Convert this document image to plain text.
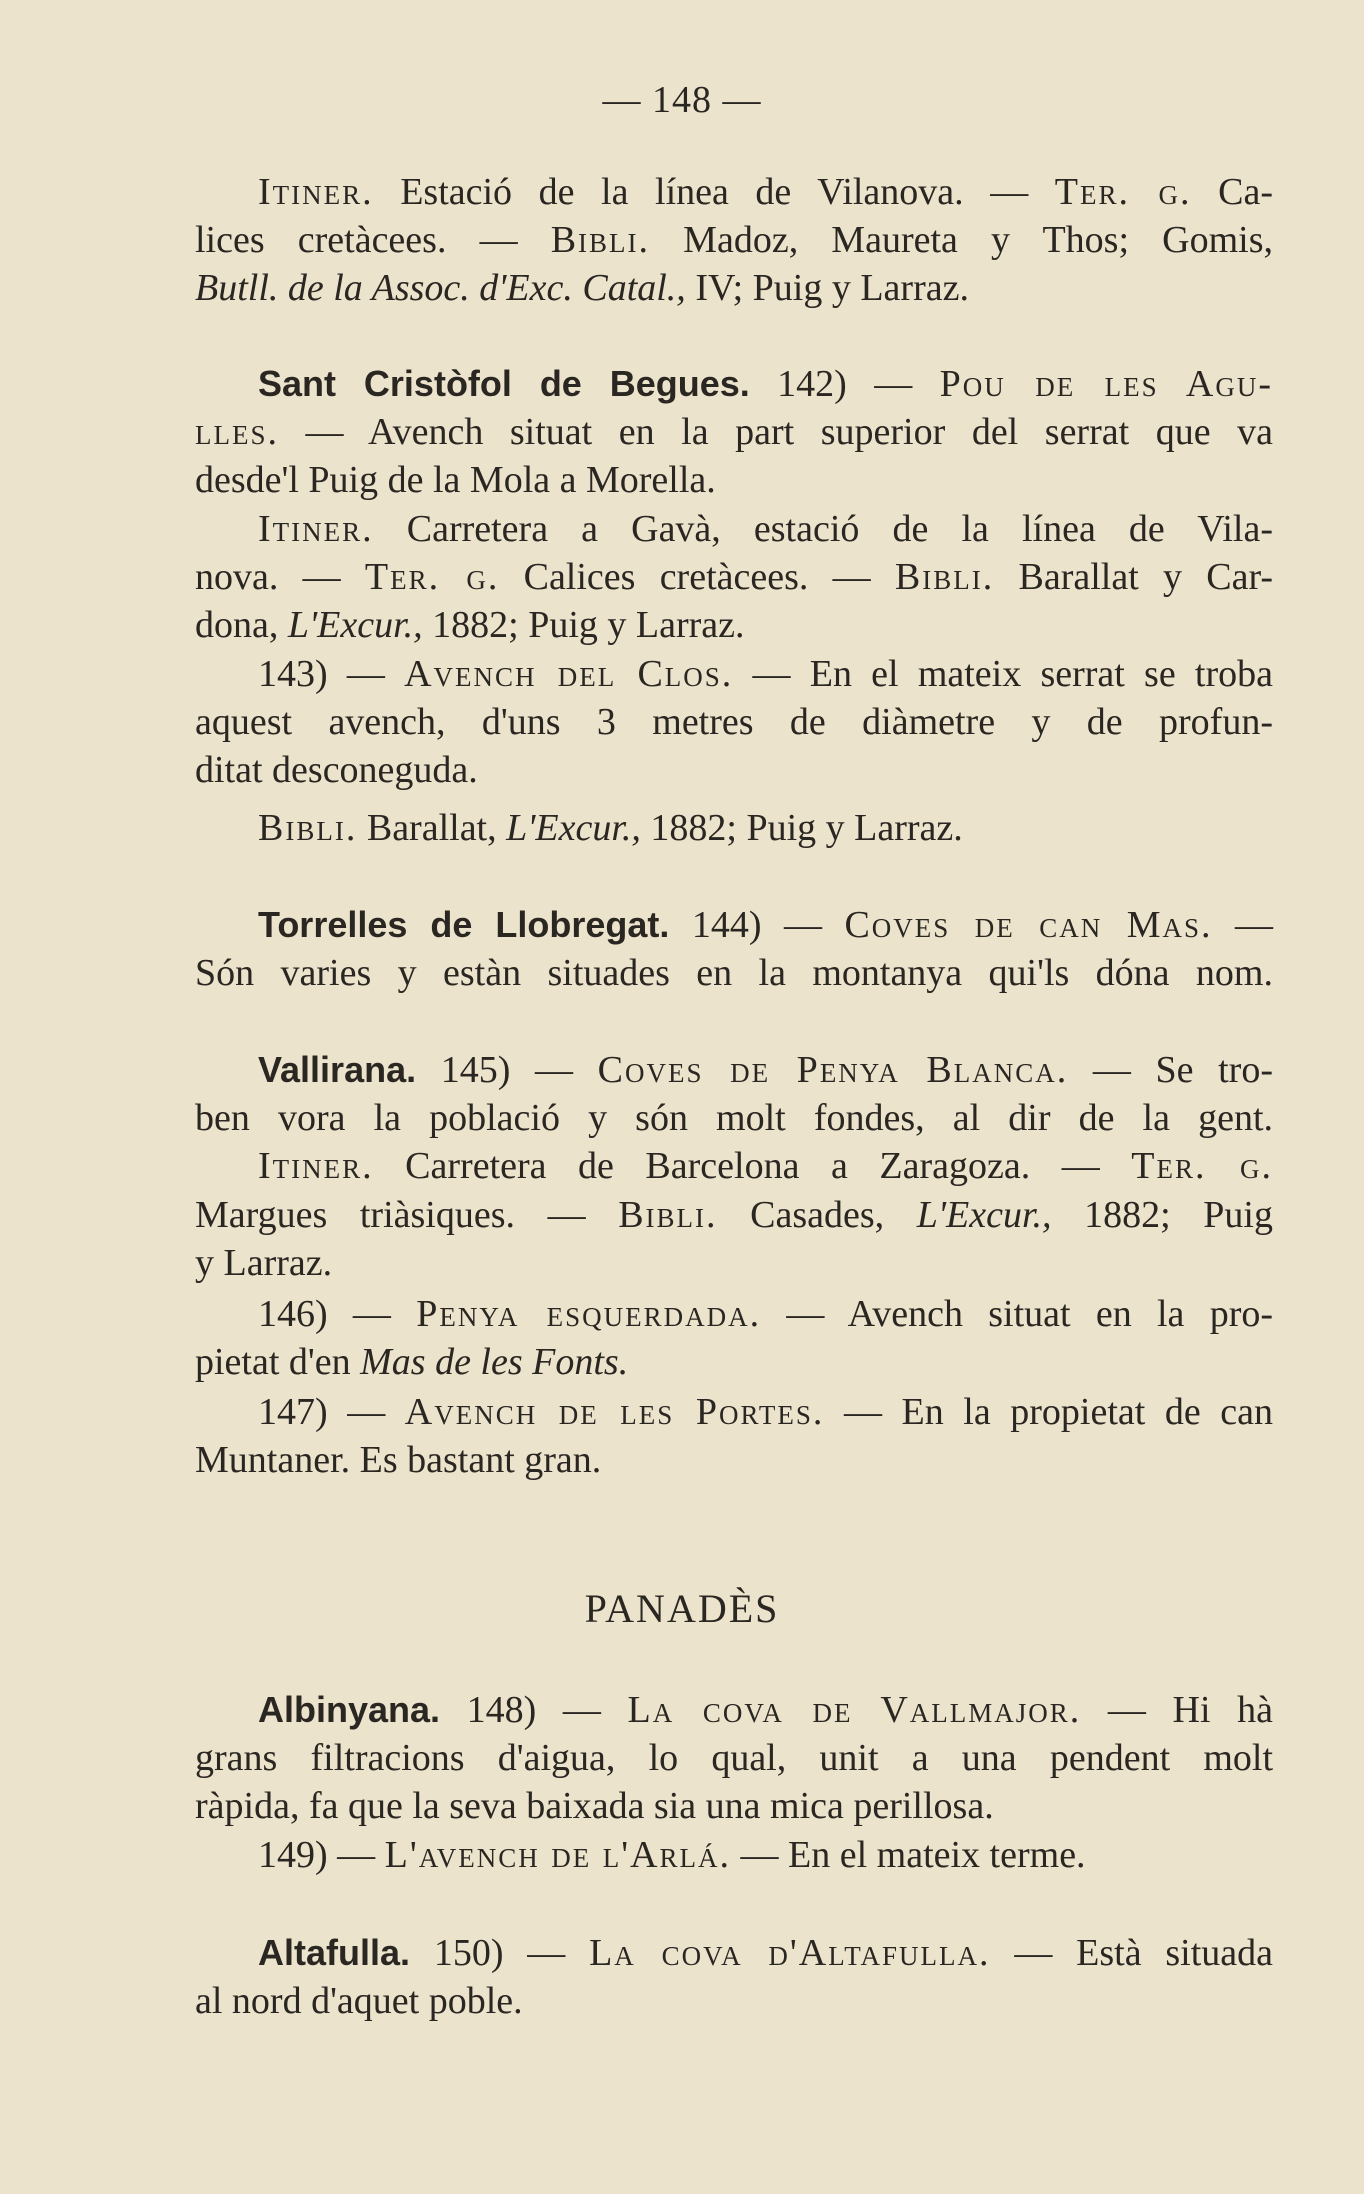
— 148 —
Itiner. Estació de la línea de Vilanova. — Ter. g. Ca-
lices cretàcees. — Bibli. Madoz, Maureta y Thos; Gomis,
Butll. de la Assoc. d'Exc. Catal., IV; Puig y Larraz.
Sant Cristòfol de Begues. 142) — Pou de les Agu-
lles. — Avench situat en la part superior del serrat que va
desde'l Puig de la Mola a Morella.
Itiner. Carretera a Gavà, estació de la línea de Vila-
nova. — Ter. g. Calices cretàcees. — Bibli. Barallat y Car-
dona, L'Excur., 1882; Puig y Larraz.
143) — Avench del Clos. — En el mateix serrat se troba
aquest avench, d'uns 3 metres de diàmetre y de profun-
ditat desconeguda.
Bibli. Barallat, L'Excur., 1882; Puig y Larraz.
Torrelles de Llobregat. 144) — Coves de can Mas. —
Són varies y estàn situades en la montanya qui'ls dóna nom.
Vallirana. 145) — Coves de Penya Blanca. — Se tro-
ben vora la població y són molt fondes, al dir de la gent.
Itiner. Carretera de Barcelona a Zaragoza. — Ter. g.
Margues triàsiques. — Bibli. Casades, L'Excur., 1882; Puig
y Larraz.
146) — Penya esquerdada. — Avench situat en la pro-
pietat d'en Mas de les Fonts.
147) — Avench de les Portes. — En la propietat de can
Muntaner. Es bastant gran.
Albinyana. 148) — La cova de Vallmajor. — Hi hà
grans filtracions d'aigua, lo qual, unit a una pendent molt
ràpida, fa que la seva baixada sia una mica perillosa.
149) — L'avench de l'Arlá. — En el mateix terme.
Altafulla. 150) — La cova d'Altafulla. — Està situada
al nord d'aquet poble.
PANADÈS
